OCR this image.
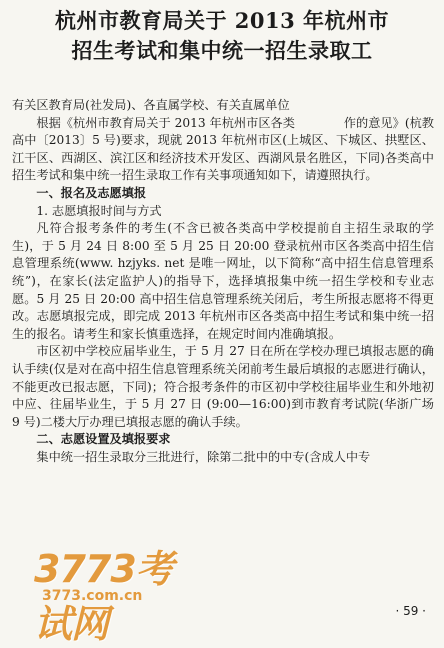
杭州市教育局关于 2013 年杭州市
招生考试和集中统一招生录取工

有关区教育局(社发局)、各直属学校、有关直属单位

根据《杭州市教育局关于 2013 年杭州市区各类　　　　作的意见》(杭教高中〔2013〕5 号)要求，现就 2013 年杭州市区(上城区、下城区、拱墅区、江干区、西湖区、滨江区和经济技术开发区、西湖风景名胜区，下同)各类高中招生考试和集中统一招生录取工作有关事项通知如下，请遵照执行。

一、报名及志愿填报

1. 志愿填报时间与方式

凡符合报考条件的考生(不含已被各类高中学校提前自主招生录取的学生)，于 5 月 24 日 8:00 至 5 月 25 日 20:00 登录杭州市区各类高中招生信息管理系统(www. hzjyks. net 是唯一网址，以下简称“高中招生信息管理系统”)，在家长(法定监护人)的指导下，选择填报集中统一招生学校和专业志愿。5 月 25 日 20:00 高中招生信息管理系统关闭后，考生所报志愿将不得更改。志愿填报完成，即完成 2013 年杭州市区各类高中招生考试和集中统一招生的报名。请考生和家长慎重选择，在规定时间内准确填报。

市区初中学校应届毕业生，于 5 月 27 日在所在学校办理已填报志愿的确认手续(仅是对在高中招生信息管理系统关闭前考生最后填报的志愿进行确认，不能更改已报志愿，下同)；符合报考条件的市区初中学校往届毕业生和外地初中应、往届毕业生，于 5 月 27 日 (9:00—16:00)到市教育考试院(华浙广场 9 号)二楼大厅办理已填报志愿的确认手续。

二、志愿设置及填报要求

集中统一招生录取分三批进行，除第二批中的中专(含成人中专

3773考试网
3773.com.cn
· 59 ·
